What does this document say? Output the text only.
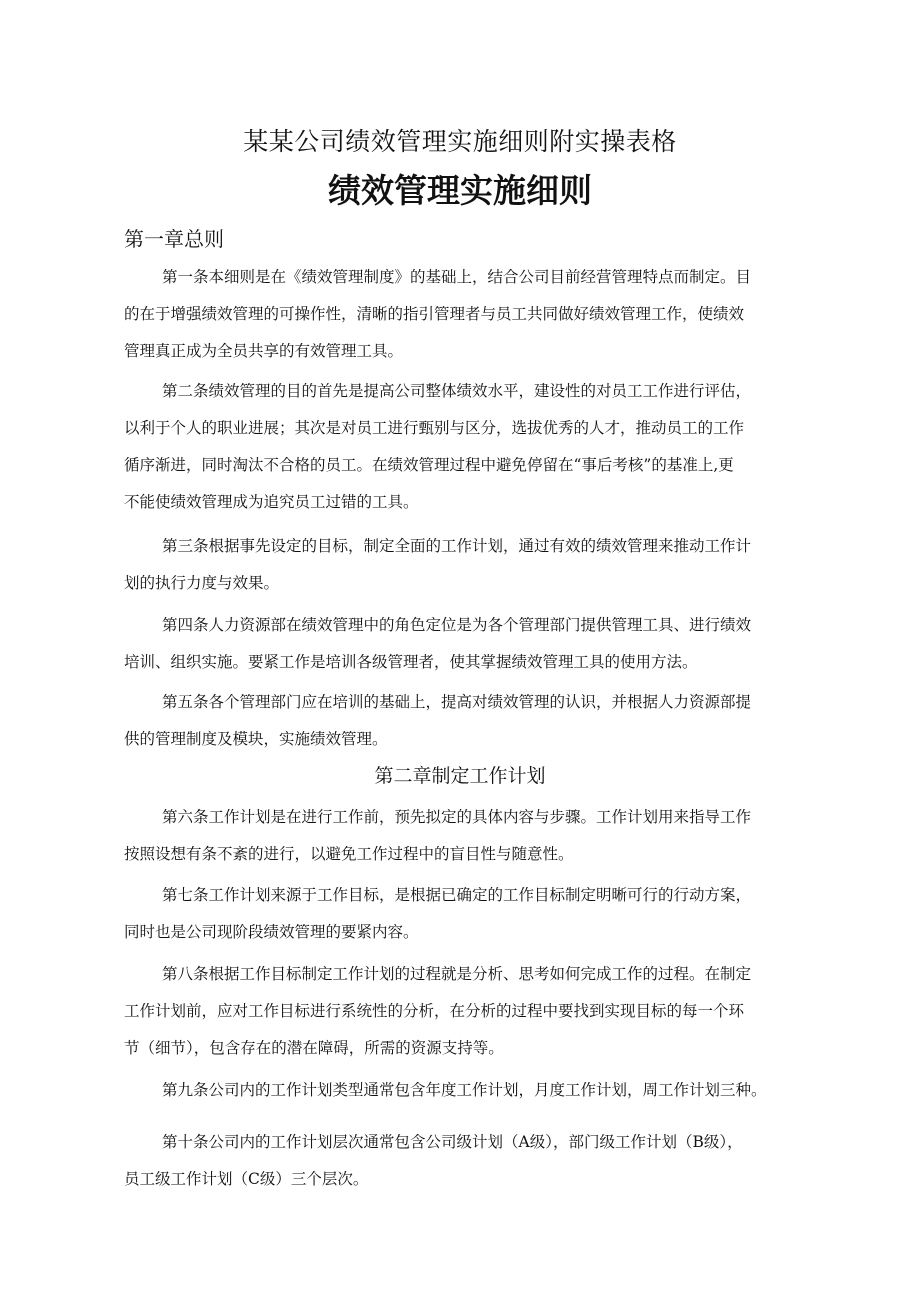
某某公司绩效管理实施细则附实操表格
绩效管理实施细则
第一章总则
第一条本细则是在《绩效管理制度》的基础上，结合公司目前经营管理特点而制定。目
的在于增强绩效管理的可操作性，清晰的指引管理者与员工共同做好绩效管理工作，使绩效
管理真正成为全员共享的有效管理工具。
第二条绩效管理的目的首先是提高公司整体绩效水平，建设性的对员工工作进行评估，
以利于个人的职业进展；其次是对员工进行甄别与区分，选拔优秀的人才，推动员工的工作
循序渐进，同时淘汰不合格的员工。在绩效管理过程中避免停留在“事后考核”的基准上,更
不能使绩效管理成为追究员工过错的工具。
第三条根据事先设定的目标，制定全面的工作计划，通过有效的绩效管理来推动工作计
划的执行力度与效果。
第四条人力资源部在绩效管理中的角色定位是为各个管理部门提供管理工具、进行绩效
培训、组织实施。要紧工作是培训各级管理者，使其掌握绩效管理工具的使用方法。
第五条各个管理部门应在培训的基础上，提高对绩效管理的认识，并根据人力资源部提
供的管理制度及模块，实施绩效管理。
第二章制定工作计划
第六条工作计划是在进行工作前，预先拟定的具体内容与步骤。工作计划用来指导工作
按照设想有条不紊的进行，以避免工作过程中的盲目性与随意性。
第七条工作计划来源于工作目标，是根据已确定的工作目标制定明晰可行的行动方案，
同时也是公司现阶段绩效管理的要紧内容。
第八条根据工作目标制定工作计划的过程就是分析、思考如何完成工作的过程。在制定
工作计划前，应对工作目标进行系统性的分析，在分析的过程中要找到实现目标的每一个环
节（细节），包含存在的潜在障碍，所需的资源支持等。
第九条公司内的工作计划类型通常包含年度工作计划，月度工作计划，周工作计划三种。
第十条公司内的工作计划层次通常包含公司级计划（A级），部门级工作计划（B级），
员工级工作计划（C级）三个层次。
